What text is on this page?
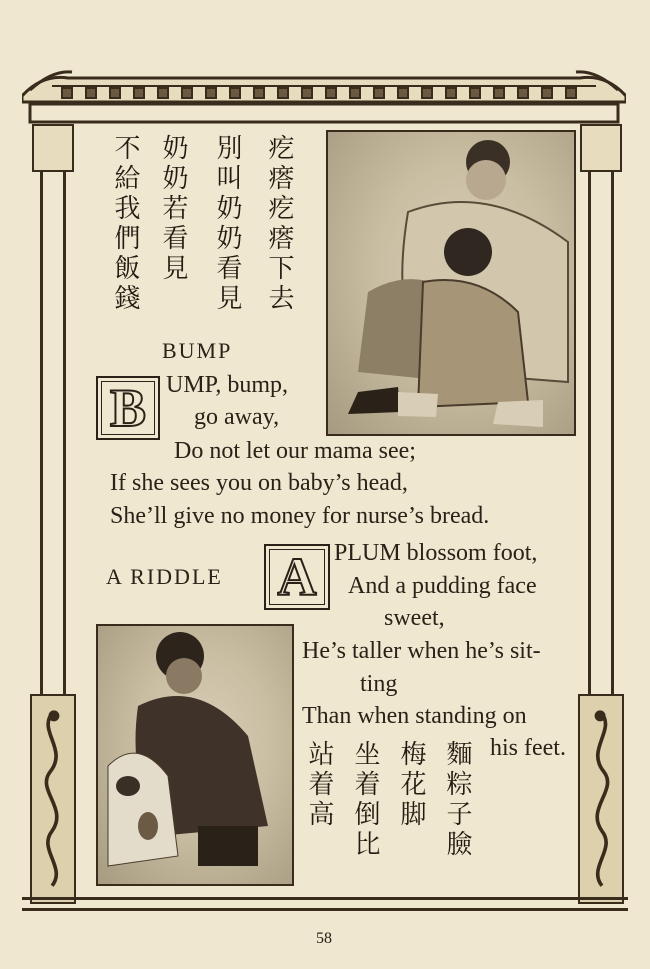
疙瘩疙瘩下去
別叫奶奶看見
奶奶若看見
不給我們飯錢
BUMP
B UMP, bump,
go away,
Do not let our mama see;
If she sees you on baby’s head,
She’ll give no money for nurse’s bread.
A RIDDLE A PLUM blossom foot,
And a pudding face
sweet,
He’s taller when he’s sit-
ting
Than when standing on
his feet.
麵粽子臉
梅花脚
坐着倒比
站着高
58
